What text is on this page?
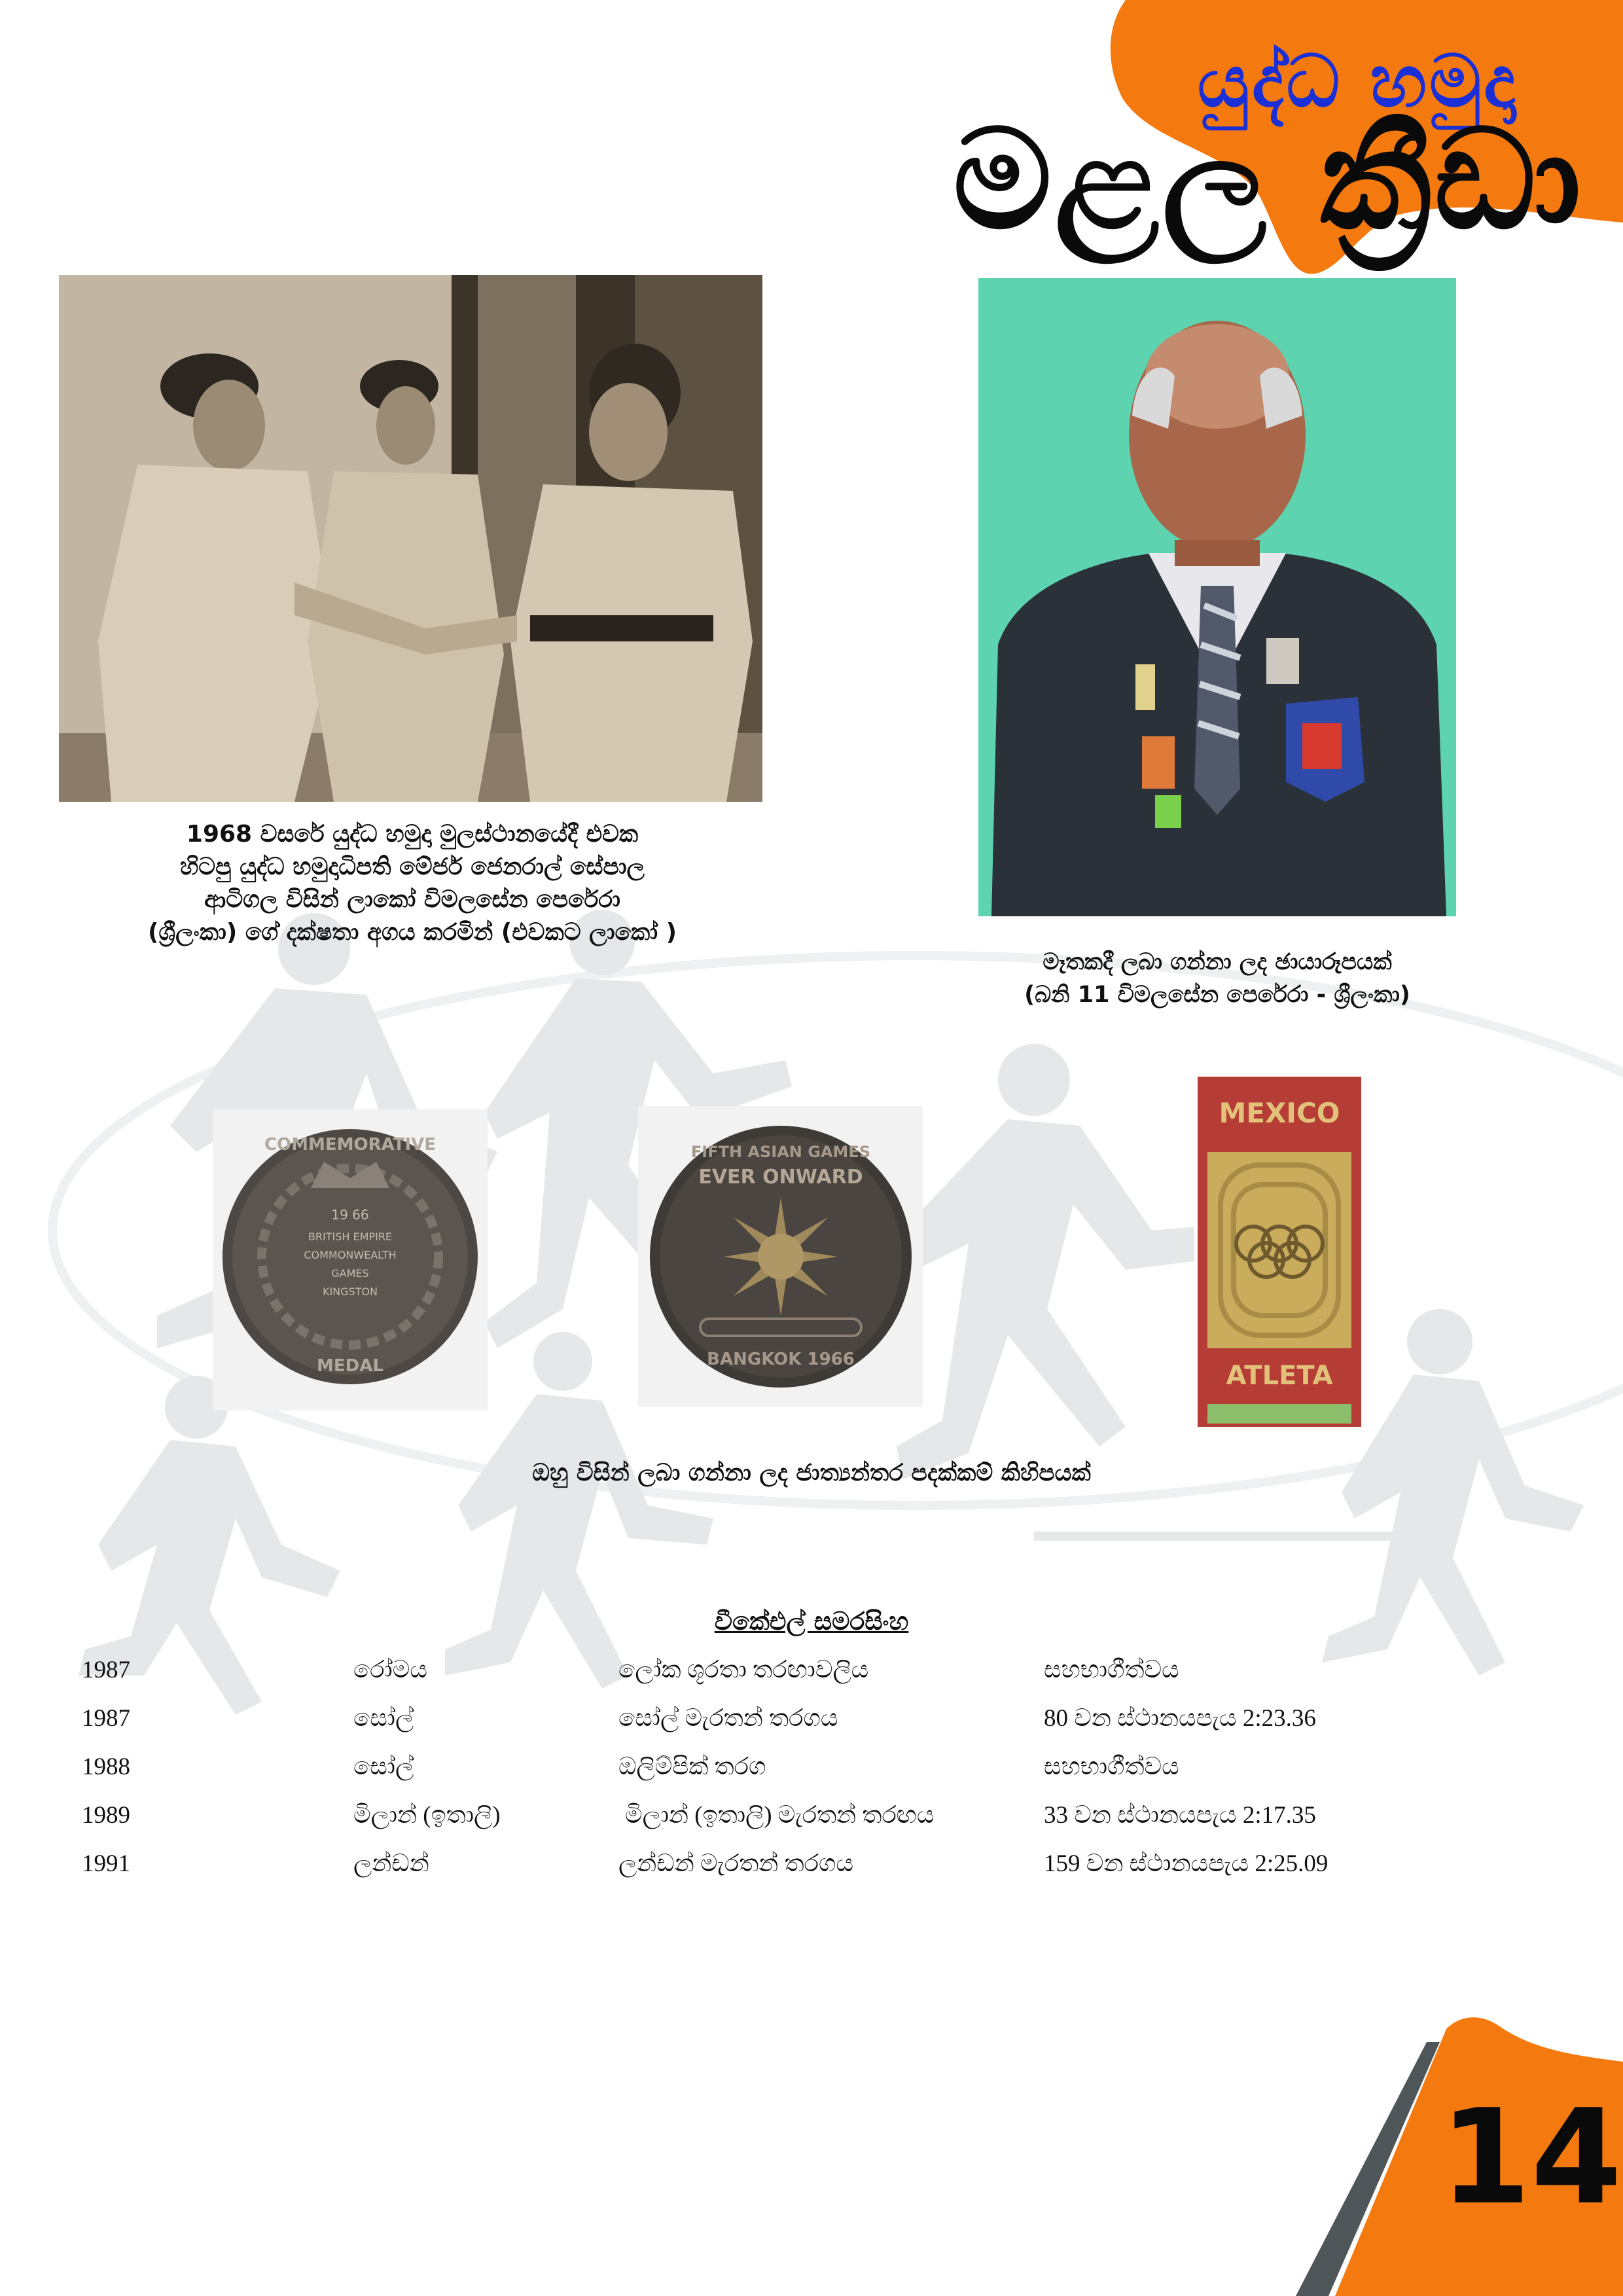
යුද්ධ හමුදා
මළල ක්‍රීඩා
1968 වසරේ යුද්ධ හමුදා මුලස්ථානයේදී එවක
හිටපු යුද්ධ හමුදාධිපති මේජර් ජෙනරාල් සේපාල
ආටිගල විසින් ලාකෝ විමලසේන පෙරේරා
(ශ්‍රීලංකා) ගේ දක්ෂතා අගය කරමින් (එවකට ලාකෝ )
මෑතකදී ලබා ගන්නා ලද ඡායාරූපයක්
(බනි 11 විමලසේන පෙරේරා - ශ්‍රීලංකා)
COMMEMORATIVE
19 66
BRITISH EMPIRE
COMMONWEALTH
GAMES
KINGSTON
MEDAL
FIFTH ASIAN GAMES
EVER ONWARD
BANGKOK 1966
MEXICO
ATLETA
ඔහු විසින් ලබා ගන්නා ලද ජාත්‍යන්තර පදක්කම් කිහිපයක්
වීකේඑල් සමරසිංහ
1987	රෝමය	ලෝක ශූරතා තරඟාවලිය	සහභාගීත්වය
1987	සෝල්	සෝල් මැරතන් තරගය	80 වන ස්ථානයපැය 2:23.36
1988	සෝල්	ඔලිම්පික් තරග	සහභාගීත්වය
1989	මිලාන් (ඉතාලි)	මිලාන් (ඉතාලි) මැරතන් තරඟය	33 වන ස්ථානයපැය 2:17.35
1991	ලන්ඩන්	ලන්ඩන් මැරතන් තරගය	159 වන ස්ථානයපැය 2:25.09
14
